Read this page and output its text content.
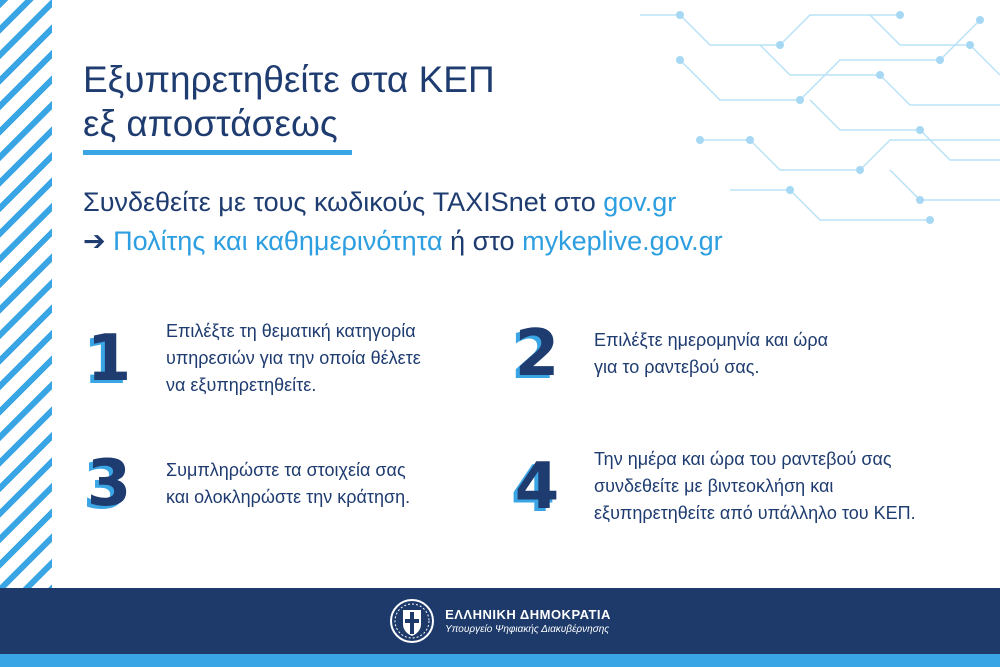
Εξυπηρετηθείτε στα ΚΕΠ
εξ αποστάσεως

Συνδεθείτε με τους κωδικούς TAXISnet στο gov.gr
➔ Πολίτης και καθημερινότητα ή στο mykeplive.gov.gr

1	Επιλέξτε τη θεματική κατηγορία
υπηρεσιών για την οποία θέλετε
να εξυπηρετηθείτε.	2	Επιλέξτε ημερομηνία και ώρα
για το ραντεβού σας.
3	Συμπληρώστε τα στοιχεία σας
και ολοκληρώστε την κράτηση. 4	Την ημέρα και ώρα του ραντεβού σας
συνδεθείτε με βιντεοκλήση και
εξυπηρετηθείτε από υπάλληλο του ΚΕΠ.
ΕΛΛΗΝΙΚΗ ΔΗΜΟΚΡΑΤΙΑ
Υπουργείο Ψηφιακής Διακυβέρνησης
